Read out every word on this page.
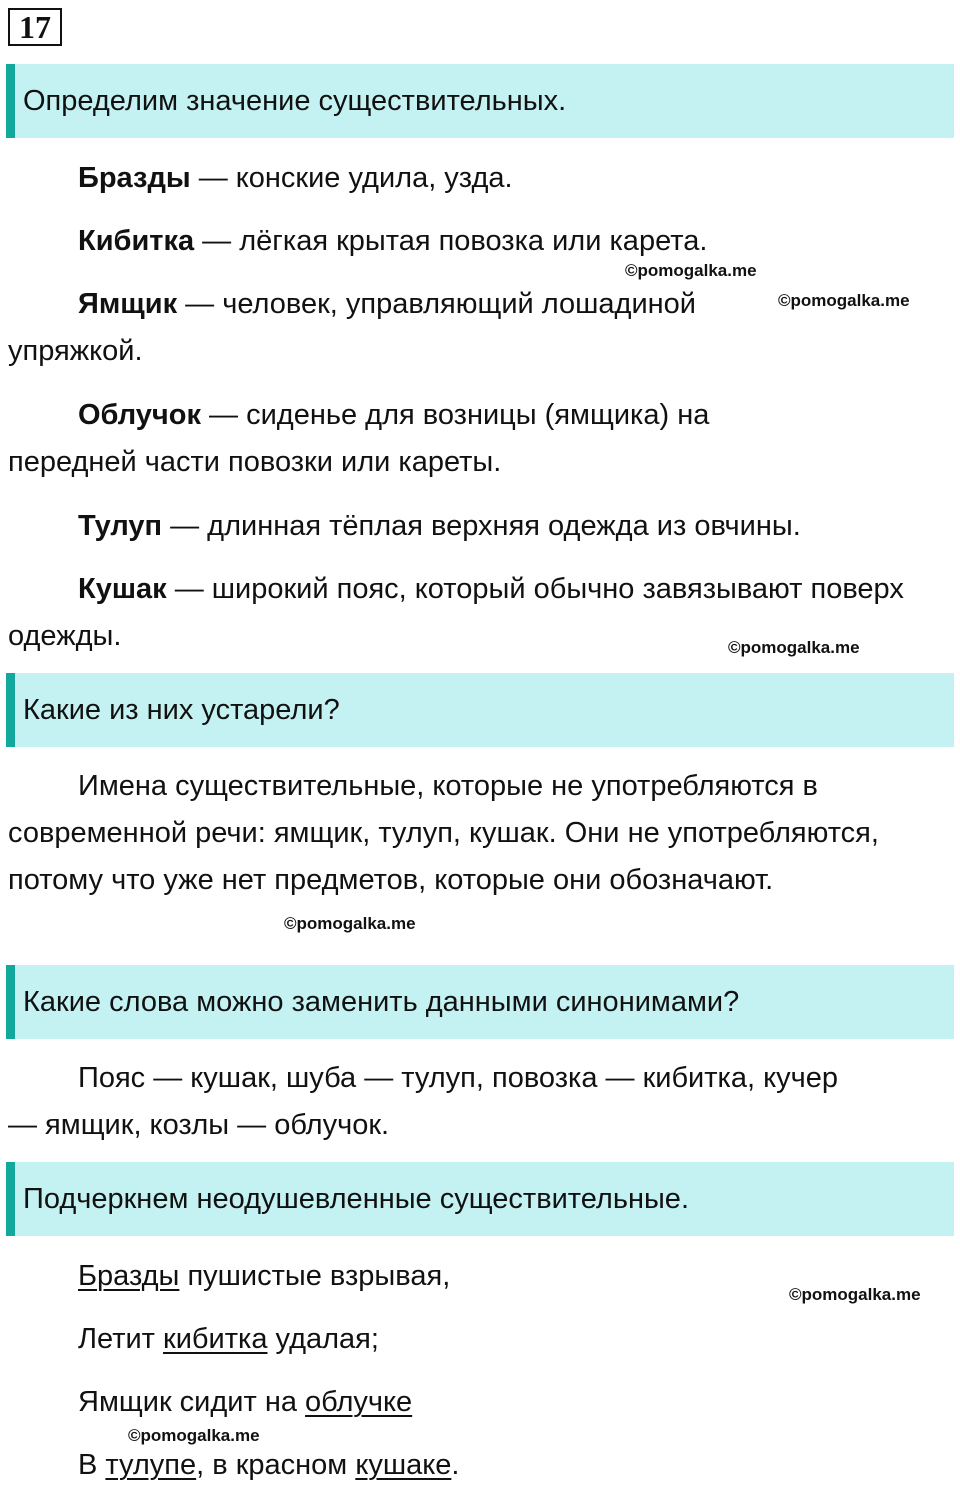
17
Определим значение существительных.
Бразды — конские удила, узда.
Кибитка — лёгкая крытая повозка или карета.
Ямщик — человек, управляющий лошадиной упряжкой.
Облучок — сиденье для возницы (ямщика) на передней части повозки или кареты.
Тулуп — длинная тёплая верхняя одежда из овчины.
Кушак — широкий пояс, который обычно завязывают поверх одежды.
Какие из них устарели?
Имена существительные, которые не употребляются в современной речи: ямщик, тулуп, кушак. Они не употребляются, потому что уже нет предметов, которые они обозначают.
Какие слова можно заменить данными синонимами?
Пояс — кушак, шуба — тулуп, повозка — кибитка, кучер — ямщик, козлы — облучок.
Подчеркнем неодушевленные существительные.
Бразды пушистые взрывая,
Летит кибитка удалая;
Ямщик сидит на облучке
В тулупе, в красном кушаке.
©pomogalka.me
©pomogalka.me
©pomogalka.me
©pomogalka.me
©pomogalka.me
©pomogalka.me
